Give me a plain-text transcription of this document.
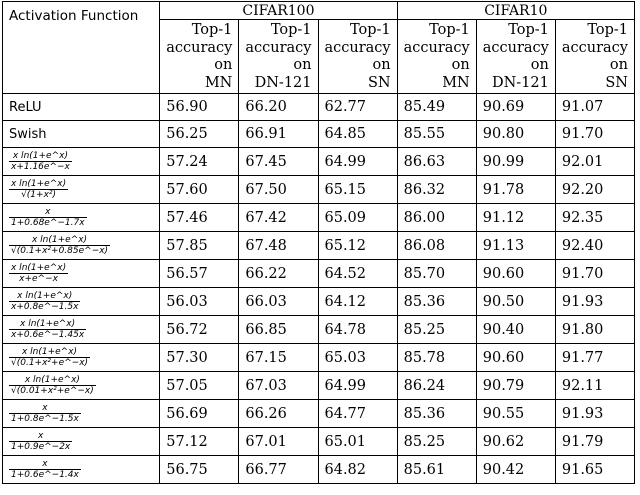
Activation Function	CIFAR100			CIFAR10		
	Top-1
accuracy
on
MN	Top-1
accuracy
on
DN-121	Top-1
accuracy
on
SN	Top-1
accuracy
on
MN	Top-1
accuracy
on
DN-121	Top-1
accuracy
on
SN
ReLU	56.90	66.20	62.77	85.49	90.69	91.07
Swish	56.25	66.91	64.85	85.55	90.80	91.70

$\frac{\text{x ln(1+e\textasciicircum{}x)}}{x+1.16e\^{}-x}$	57.24	67.45	64.99	86.63	90.99	92.01

$\frac{\text{x ln(1+e\textasciicircum{}x)}}{\text{√(1+x²)}}$	57.60	67.50	65.15	86.32	91.78	92.20

$\frac{x}{1+0.68e\^{}-1.7x}$	57.46	67.42	65.09	86.00	91.12	92.35

$\frac{\text{x ln(1+e\textasciicircum{}x)}}{\text{√(0.1+x²+0.85e\textasciicircum{}−x)}}$	57.85	67.48	65.12	86.08	91.13	92.40

$\frac{\text{x ln(1+e\textasciicircum{}x)}}{x+e\^{}-x}$	56.57	66.22	64.52	85.70	90.60	91.70

$\frac{\text{x ln(1+e\textasciicircum{}x)}}{x+0.8e\^{}-1.5x}$	56.03	66.03	64.12	85.36	90.50	91.93

$\frac{\text{x ln(1+e\textasciicircum{}x)}}{x+0.6e\^{}-1.45x}$	56.72	66.85	64.78	85.25	90.40	91.80

$\frac{\text{x ln(1+e\textasciicircum{}x)}}{\text{√(0.1+x²+e\textasciicircum{}−x)}}$	57.30	67.15	65.03	85.78	90.60	91.77

$\frac{\text{x ln(1+e\textasciicircum{}x)}}{\text{√(0.01+x²+e\textasciicircum{}−x)}}$	57.05	67.03	64.99	86.24	90.79	92.11

$\frac{x}{1+0.8e\^{}-1.5x}$	56.69	66.26	64.77	85.36	90.55	91.93

$\frac{x}{1+0.9e\^{}-2x}$	57.12	67.01	65.01	85.25	90.62	91.79

$\frac{x}{1+0.6e\^{}-1.4x}$	56.75	66.77	64.82	85.61	90.42	91.65
